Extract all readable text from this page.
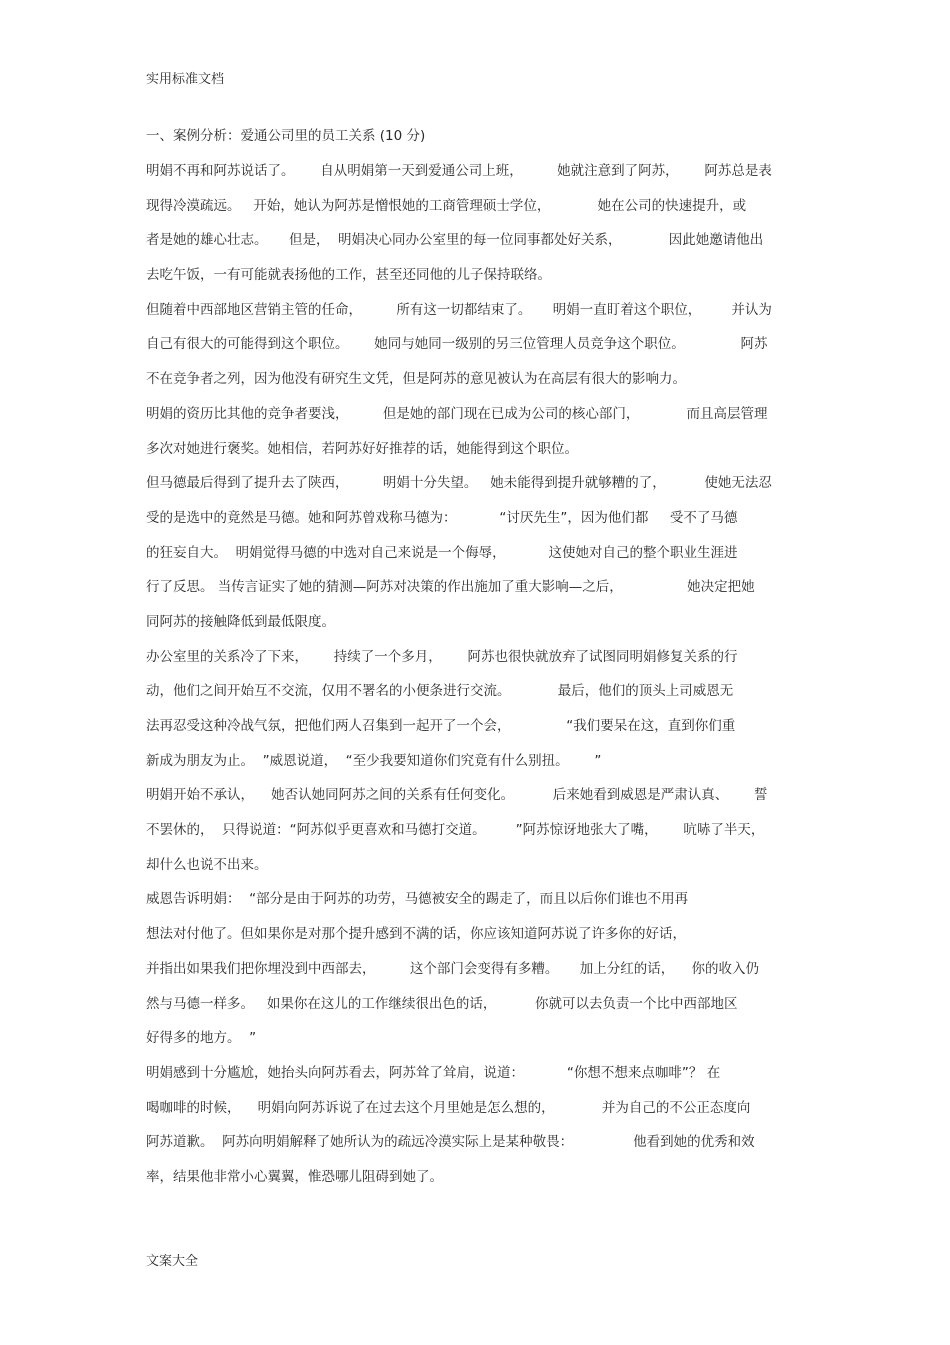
实用标准文档
一、案例分析：爱通公司里的员工关系 (10 分)
明娟不再和阿苏说话了。      自从明娟第一天到爱通公司上班，        她就注意到了阿苏，      阿苏总是表
现得冷漠疏远。   开始，她认为阿苏是憎恨她的工商管理硕士学位，           她在公司的快速提升，或
者是她的雄心壮志。     但是，  明娟决心同办公室里的每一位同事都处好关系，           因此她邀请他出
去吃午饭，一有可能就表扬他的工作，甚至还同他的儿子保持联络。
但随着中西部地区营销主管的任命，        所有这一切都结束了。     明娟一直盯着这个职位，       并认为
自己有很大的可能得到这个职位。      她同与她同一级别的另三位管理人员竞争这个职位。             阿苏
不在竞争者之列，因为他没有研究生文凭，但是阿苏的意见被认为在高层有很大的影响力。
明娟的资历比其他的竞争者要浅，        但是她的部门现在已成为公司的核心部门，           而且高层管理
多次对她进行褒奖。她相信，若阿苏好好推荐的话，她能得到这个职位。
但马德最后得到了提升去了陕西，        明娟十分失望。   她未能得到提升就够糟的了，         使她无法忍
受的是选中的竟然是马德。她和阿苏曾戏称马德为：          “讨厌先生”，因为他们都     受不了马德
的狂妄自大。  明娟觉得马德的中选对自己来说是一个侮辱，          这使她对自己的整个职业生涯进
行了反思。 当传言证实了她的猜测—阿苏对决策的作出施加了重大影响—之后，               她决定把她
同阿苏的接触降低到最低限度。
办公室里的关系冷了下来，      持续了一个多月，      阿苏也很快就放弃了试图同明娟修复关系的行
动，他们之间开始互不交流，仅用不署名的小便条进行交流。           最后，他们的顶头上司威恩无
法再忍受这种冷战气氛，把他们两人召集到一起开了一个会，             “我们要呆在这，直到你们重
新成为朋友为止。  ”威恩说道，  “至少我要知道你们究竟有什么别扭。      ”
明娟开始不承认，    她否认她同阿苏之间的关系有任何变化。         后来她看到威恩是严肃认真、      誓
不罢休的，  只得说道：“阿苏似乎更喜欢和马德打交道。       ”阿苏惊讶地张大了嘴，      吭哧了半天，
却什么也说不出来。
威恩告诉明娟：  “部分是由于阿苏的功劳，马德被安全的踢走了，而且以后你们谁也不用再
想法对付他了。但如果你是对那个提升感到不满的话，你应该知道阿苏说了许多你的好话，
并指出如果我们把你埋没到中西部去，        这个部门会变得有多糟。     加上分红的话，    你的收入仍
然与马德一样多。   如果你在这儿的工作继续很出色的话，         你就可以去负责一个比中西部地区
好得多的地方。  ”
明娟感到十分尴尬，她抬头向阿苏看去，阿苏耸了耸肩，说道：          “你想不想来点咖啡”？ 在
喝咖啡的时候，    明娟向阿苏诉说了在过去这个月里她是怎么想的，           并为自己的不公正态度向
阿苏道歉。  阿苏向明娟解释了她所认为的疏远冷漠实际上是某种敬畏：              他看到她的优秀和效
率，结果他非常小心翼翼，惟恐哪儿阻碍到她了。
文案大全
